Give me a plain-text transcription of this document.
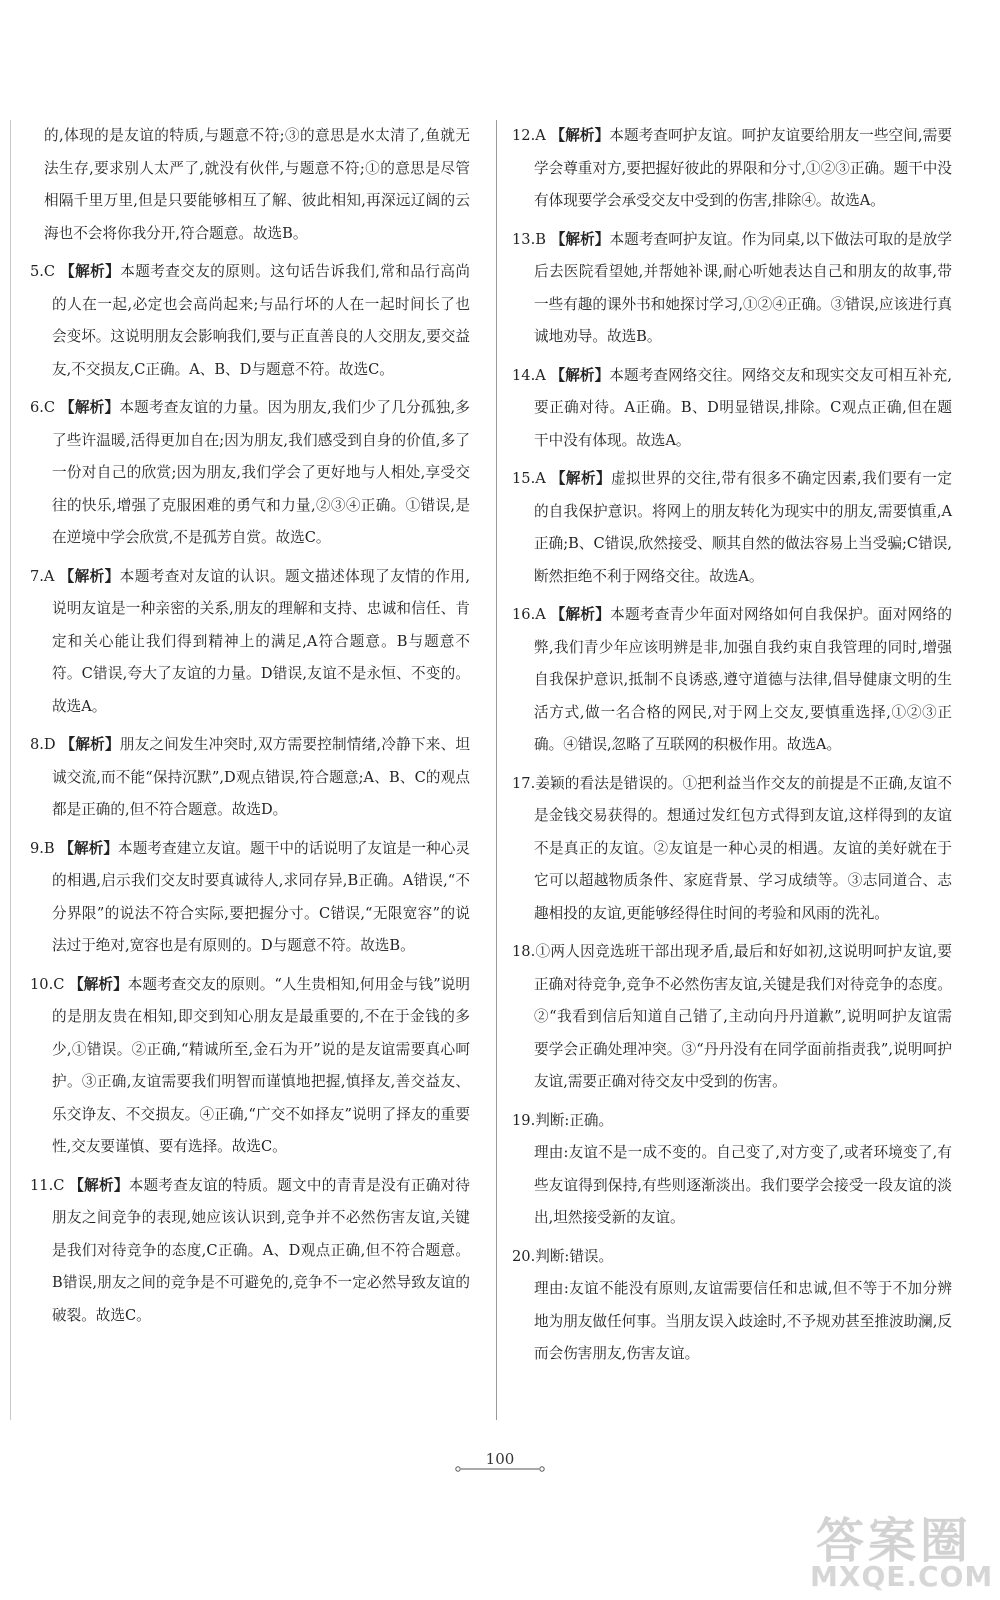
的,体现的是友谊的特质,与题意不符;③的意思是水太清了,鱼就无法生存,要求别人太严了,就没有伙伴,与题意不符;①的意思是尽管相隔千里万里,但是只要能够相互了解、彼此相知,再深远辽阔的云海也不会将你我分开,符合题意。故选B。

5.C 【解析】本题考查交友的原则。这句话告诉我们,常和品行高尚的人在一起,必定也会高尚起来;与品行坏的人在一起时间长了也会变坏。这说明朋友会影响我们,要与正直善良的人交朋友,要交益友,不交损友,C正确。A、B、D与题意不符。故选C。

6.C 【解析】本题考查友谊的力量。因为朋友,我们少了几分孤独,多了些许温暖,活得更加自在;因为朋友,我们感受到自身的价值,多了一份对自己的欣赏;因为朋友,我们学会了更好地与人相处,享受交往的快乐,增强了克服困难的勇气和力量,②③④正确。①错误,是在逆境中学会欣赏,不是孤芳自赏。故选C。

7.A 【解析】本题考查对友谊的认识。题文描述体现了友情的作用,说明友谊是一种亲密的关系,朋友的理解和支持、忠诚和信任、肯定和关心能让我们得到精神上的满足,A符合题意。B与题意不符。C错误,夸大了友谊的力量。D错误,友谊不是永恒、不变的。故选A。

8.D 【解析】朋友之间发生冲突时,双方需要控制情绪,冷静下来、坦诚交流,而不能“保持沉默”,D观点错误,符合题意;A、B、C的观点都是正确的,但不符合题意。故选D。

9.B 【解析】本题考查建立友谊。题干中的话说明了友谊是一种心灵的相遇,启示我们交友时要真诚待人,求同存异,B正确。A错误,“不分界限”的说法不符合实际,要把握分寸。C错误,“无限宽容”的说法过于绝对,宽容也是有原则的。D与题意不符。故选B。

10.C 【解析】本题考查交友的原则。“人生贵相知,何用金与钱”说明的是朋友贵在相知,即交到知心朋友是最重要的,不在于金钱的多少,①错误。②正确,“精诚所至,金石为开”说的是友谊需要真心呵护。③正确,友谊需要我们明智而谨慎地把握,慎择友,善交益友、乐交诤友、不交损友。④正确,“广交不如择友”说明了择友的重要性,交友要谨慎、要有选择。故选C。

11.C 【解析】本题考查友谊的特质。题文中的青青是没有正确对待朋友之间竞争的表现,她应该认识到,竞争并不必然伤害友谊,关键是我们对待竞争的态度,C正确。A、D观点正确,但不符合题意。B错误,朋友之间的竞争是不可避免的,竞争不一定必然导致友谊的破裂。故选C。

12.A 【解析】本题考查呵护友谊。呵护友谊要给朋友一些空间,需要学会尊重对方,要把握好彼此的界限和分寸,①②③正确。题干中没有体现要学会承受交友中受到的伤害,排除④。故选A。

13.B 【解析】本题考查呵护友谊。作为同桌,以下做法可取的是放学后去医院看望她,并帮她补课,耐心听她表达自己和朋友的故事,带一些有趣的课外书和她探讨学习,①②④正确。③错误,应该进行真诚地劝导。故选B。

14.A 【解析】本题考查网络交往。网络交友和现实交友可相互补充,要正确对待。A正确。B、D明显错误,排除。C观点正确,但在题干中没有体现。故选A。

15.A 【解析】虚拟世界的交往,带有很多不确定因素,我们要有一定的自我保护意识。将网上的朋友转化为现实中的朋友,需要慎重,A正确;B、C错误,欣然接受、顺其自然的做法容易上当受骗;C错误,断然拒绝不利于网络交往。故选A。

16.A 【解析】本题考查青少年面对网络如何自我保护。面对网络的弊,我们青少年应该明辨是非,加强自我约束自我管理的同时,增强自我保护意识,抵制不良诱惑,遵守道德与法律,倡导健康文明的生活方式,做一名合格的网民,对于网上交友,要慎重选择,①②③正确。④错误,忽略了互联网的积极作用。故选A。

17.姜颖的看法是错误的。①把利益当作交友的前提是不正确,友谊不是金钱交易获得的。想通过发红包方式得到友谊,这样得到的友谊不是真正的友谊。②友谊是一种心灵的相遇。友谊的美好就在于它可以超越物质条件、家庭背景、学习成绩等。③志同道合、志趣相投的友谊,更能够经得住时间的考验和风雨的洗礼。

18.①两人因竞选班干部出现矛盾,最后和好如初,这说明呵护友谊,要正确对待竞争,竞争不必然伤害友谊,关键是我们对待竞争的态度。②“我看到信后知道自己错了,主动向丹丹道歉”,说明呵护友谊需要学会正确处理冲突。③“丹丹没有在同学面前指责我”,说明呵护友谊,需要正确对待交友中受到的伤害。

19.判断:正确。

理由:友谊不是一成不变的。自己变了,对方变了,或者环境变了,有些友谊得到保持,有些则逐渐淡出。我们要学会接受一段友谊的淡出,坦然接受新的友谊。

20.判断:错误。

理由:友谊不能没有原则,友谊需要信任和忠诚,但不等于不加分辨地为朋友做任何事。当朋友误入歧途时,不予规劝甚至推波助澜,反而会伤害朋友,伤害友谊。

100
答案圈
MXQE.COM
